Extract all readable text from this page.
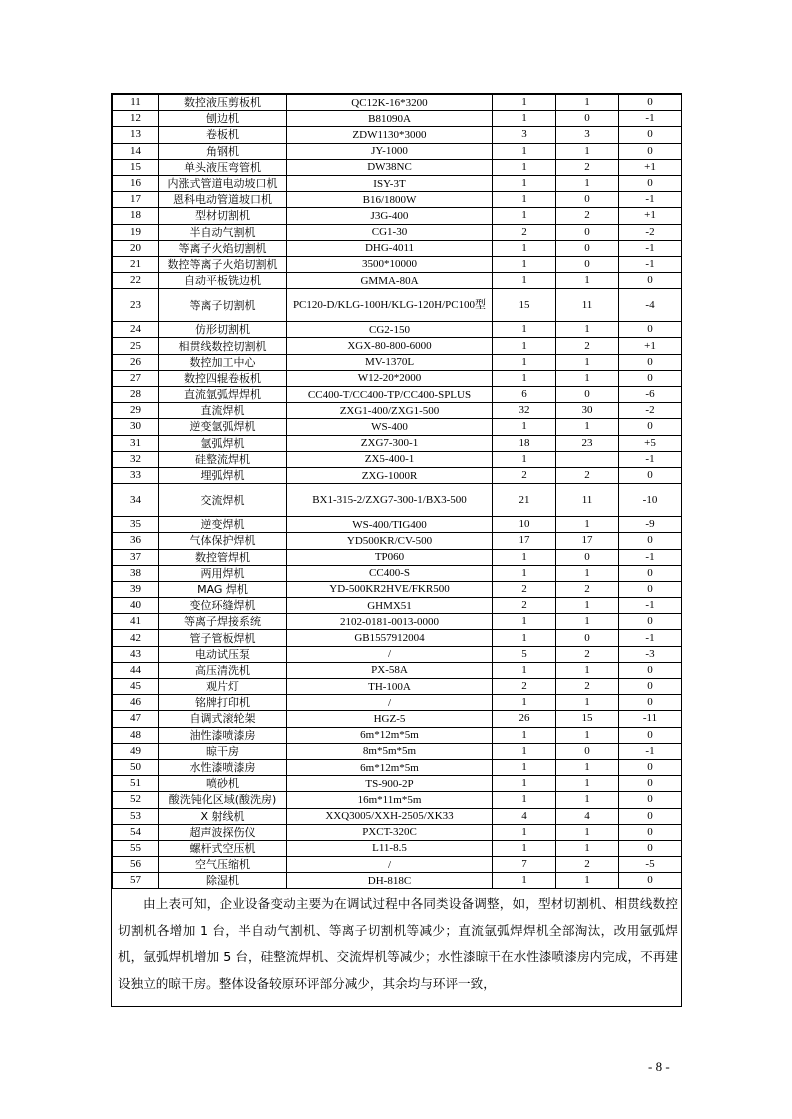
11	数控液压剪板机	QC12K-16*3200	1	1	0
12	刨边机	B81090A	1	0	-1
13	卷板机	ZDW1130*3000	3	3	0
14	角钢机	JY-1000	1	1	0
15	单头液压弯管机	DW38NC	1	2	+1
16	内涨式管道电动坡口机	ISY-3T	1	1	0
17	恩科电动管道坡口机	B16/1800W	1	0	-1
18	型材切割机	J3G-400	1	2	+1
19	半自动气割机	CG1-30	2	0	-2
20	等离子火焰切割机	DHG-4011	1	0	-1
21	数控等离子火焰切割机	3500*10000	1	0	-1
22	自动平板铣边机	GMMA-80A	1	1	0
23	等离子切割机	PC120-D/KLG-100H/KLG-120H/PC100型	15	11	-4
24	仿形切割机	CG2-150	1	1	0
25	相贯线数控切割机	XGX-80-800-6000	1	2	+1
26	数控加工中心	MV-1370L	1	1	0
27	数控四辊卷板机	W12-20*2000	1	1	0
28	直流氩弧焊焊机	CC400-T/CC400-TP/CC400-SPLUS	6	0	-6
29	直流焊机	ZXG1-400/ZXG1-500	32	30	-2
30	逆变氩弧焊机	WS-400	1	1	0
31	氩弧焊机	ZXG7-300-1	18	23	+5
32	硅整流焊机	ZX5-400-1	1		-1
33	埋弧焊机	ZXG-1000R	2	2	0
34	交流焊机	BX1-315-2/ZXG7-300-1/BX3-500	21	11	-10
35	逆变焊机	WS-400/TIG400	10	1	-9
36	气体保护焊机	YD500KR/CV-500	17	17	0
37	数控管焊机	TP060	1	0	-1
38	两用焊机	CC400-S	1	1	0
39	MAG 焊机	YD-500KR2HVE/FKR500	2	2	0
40	变位环缝焊机	GHMX51	2	1	-1
41	等离子焊接系统	2102-0181-0013-0000	1	1	0
42	管子管板焊机	GB1557912004	1	0	-1
43	电动试压泵	/	5	2	-3
44	高压清洗机	PX-58A	1	1	0
45	观片灯	TH-100A	2	2	0
46	铭牌打印机	/	1	1	0
47	自调式滚轮架	HGZ-5	26	15	-11
48	油性漆喷漆房	6m*12m*5m	1	1	0
49	晾干房	8m*5m*5m	1	0	-1
50	水性漆喷漆房	6m*12m*5m	1	1	0
51	喷砂机	TS-900-2P	1	1	0
52	酸洗钝化区域(酸洗房)	16m*11m*5m	1	1	0
53	X 射线机	XXQ3005/XXH-2505/XK33	4	4	0
54	超声波探伤仪	PXCT-320C	1	1	0
55	螺杆式空压机	L11-8.5	1	1	0
56	空气压缩机	/	7	2	-5
57	除湿机	DH-818C	1	1	0

由上表可知，企业设备变动主要为在调试过程中各同类设备调整，如，型材切割机、相贯线数控切割机各增加 1 台，半自动气割机、等离子切割机等减少；直流氩弧焊焊机全部淘汰，改用氩弧焊机，氩弧焊机增加 5 台，硅整流焊机、交流焊机等减少；水性漆晾干在水性漆喷漆房内完成，不再建设独立的晾干房。整体设备较原环评部分减少，其余均与环评一致，

- 8 -
